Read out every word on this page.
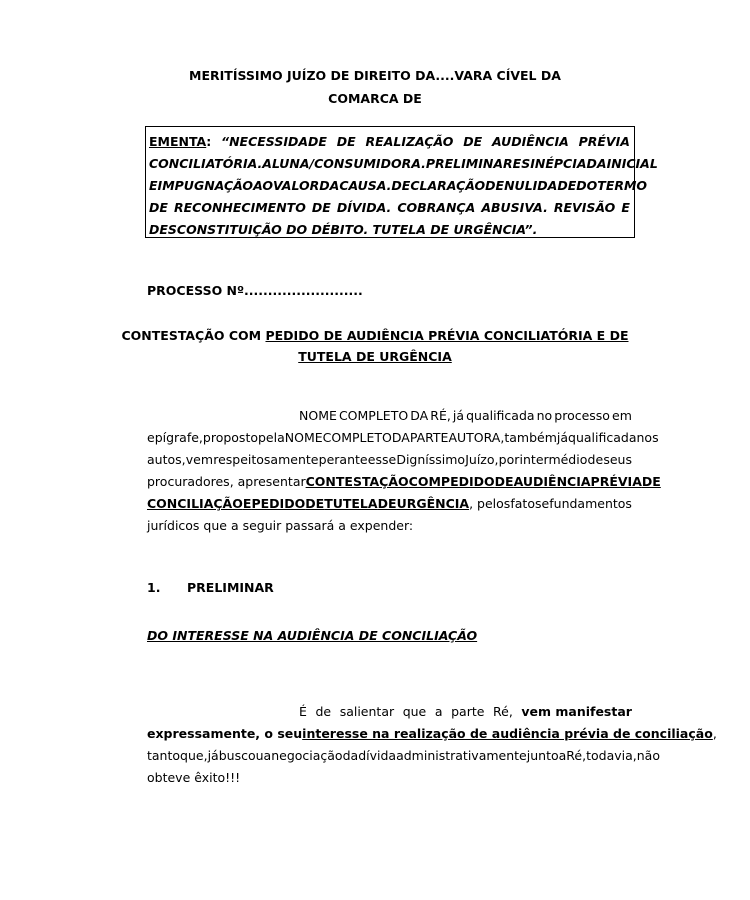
MERITÍSSIMO JUÍZO DE DIREITO DA....VARA CÍVEL DA
COMARCA DE
EMENTA: “NECESSIDADE DE REALIZAÇÃO DE AUDIÊNCIA PRÉVIA
CONCILIATÓRIA. ALUNA/CONSUMIDORA. PRELIMINARES INÉPCIA DA INICIAL
E IMPUGNAÇÃO AO VALOR DA CAUSA. DECLARAÇÃO DE NULIDADE DO TERMO
DE RECONHECIMENTO DE DÍVIDA. COBRANÇA ABUSIVA. REVISÃO E
DESCONSTITUIÇÃO DO DÉBITO. TUTELA DE URGÊNCIA”.
PROCESSO Nº.........................
CONTESTAÇÃO COM PEDIDO DE AUDIÊNCIA PRÉVIA CONCILIATÓRIA E DE
TUTELA DE URGÊNCIA
NOME COMPLETO DA RÉ, já qualificada no processo em
epígrafe, proposto pela NOME COMPLETO DA PARTE AUTORA, também já qualificada nos
autos, vem respeitosamente perante esse Digníssimo Juízo, por intermédio de seus
procuradores, apresentar CONTESTAÇÃO COM PEDIDO DE AUDIÊNCIA PRÉVIA DE
CONCILIAÇÃO E PEDIDO DE TUTELA DE URGÊNCIA, pelos fatos e fundamentos
jurídicos que a seguir passará a expender:
1. PRELIMINAR
DO INTERESSE NA AUDIÊNCIA DE CONCILIAÇÃO
É de salientar que a parte Ré, vem manifestar
expressamente, o seu interesse na realização de audiência prévia de conciliação,
tanto que, já buscou a negociação da dívida administrativamente junto a Ré, todavia, não
obteve êxito!!!
